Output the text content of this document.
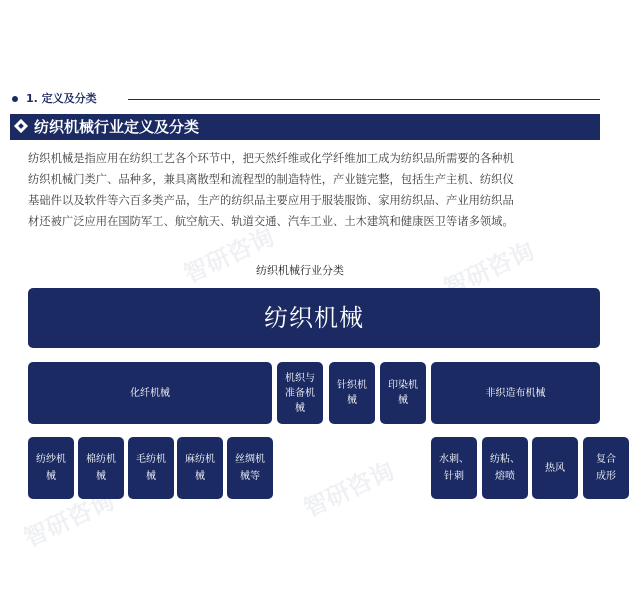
1. 定义及分类
纺织机械行业定义及分类
纺织机械是指应用在纺织工艺各个环节中，把天然纤维或化学纤维加工成为纺织品所需要的各种机
纺织机械门类广、品种多，兼具离散型和流程型的制造特性，产业链完整，包括生产主机、纺织仪
基础件以及软件等六百多类产品，生产的纺织品主要应用于服装服饰、家用纺织品、产业用纺织品
材还被广泛应用在国防军工、航空航天、轨道交通、汽车工业、土木建筑和健康医卫等诸多领域。
智研咨询	智研咨询
智研咨询
智研咨询
纺织机械行业分类
纺织机械
化纤机械
机织与
准备机
械
针织机
械
印染机
械
非织造布机械
纺纱机
械
棉纺机
械
毛纺机
械
麻纺机
械
丝绸机
械等
水刺、
针刺
纺粘、
熔喷
热风
复合
成形
